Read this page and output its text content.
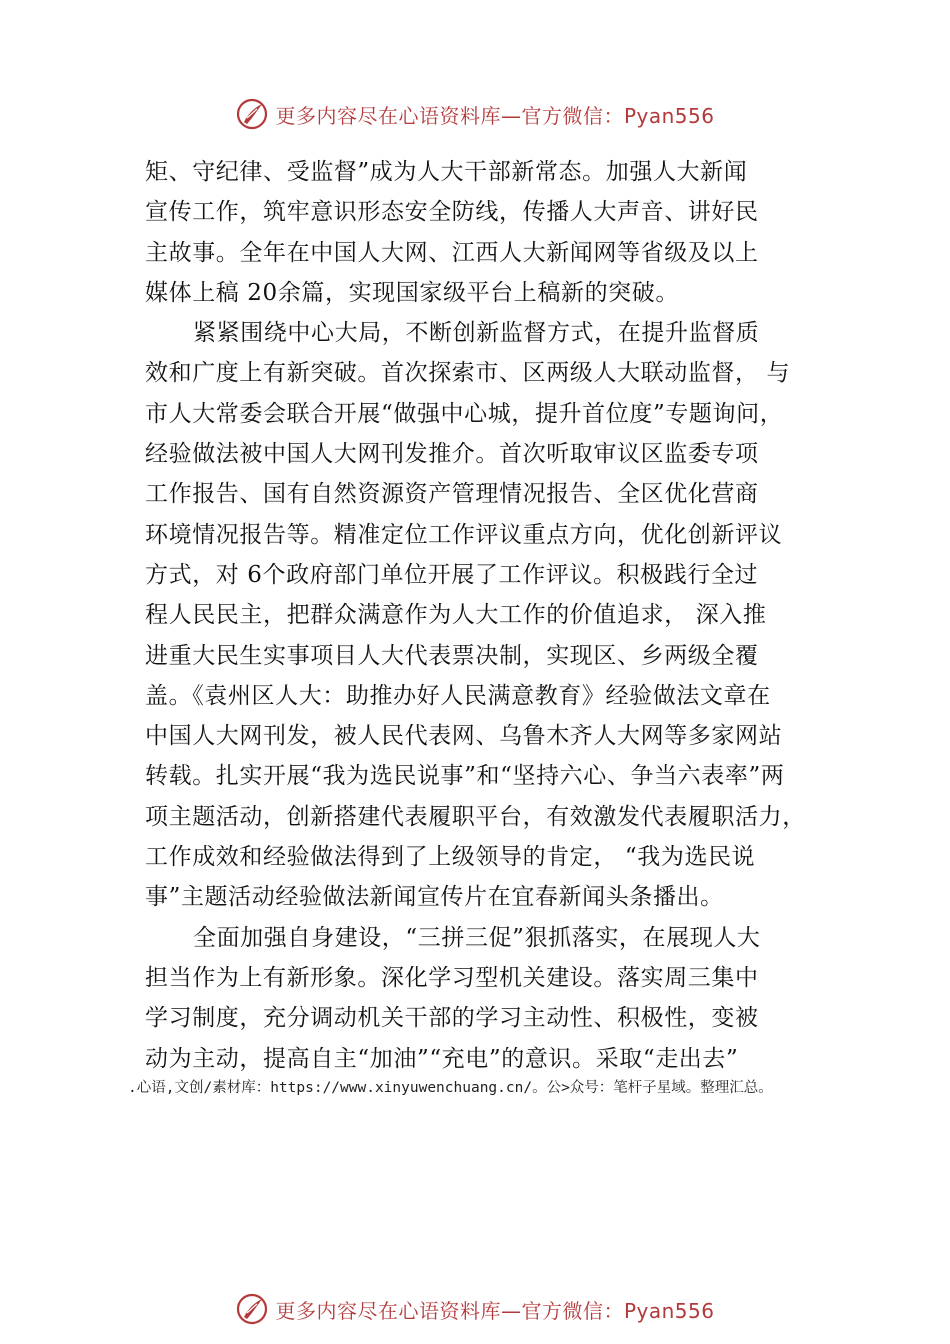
更多内容尽在心语资料库—官方微信：Pyan556
矩、守纪律、受监督”成为人大干部新常态。加强人大新闻
宣传工作，筑牢意识形态安全防线，传播人大声音、讲好民
主故事。全年在中国人大网、江西人大新闻网等省级及以上
媒体上稿 20余篇，实现国家级平台上稿新的突破。
紧紧围绕中心大局，不断创新监督方式，在提升监督质
效和广度上有新突破。首次探索市、区两级人大联动监督， 与
市人大常委会联合开展“做强中心城，提升首位度”专题询问，
经验做法被中国人大网刊发推介。首次听取审议区监委专项
工作报告、国有自然资源资产管理情况报告、全区优化营商
环境情况报告等。精准定位工作评议重点方向，优化创新评议
方式，对 6个政府部门单位开展了工作评议。积极践行全过
程人民民主，把群众满意作为人大工作的价值追求， 深入推
进重大民生实事项目人大代表票决制，实现区、乡两级全覆
盖。《袁州区人大：助推办好人民满意教育》经验做法文章在
中国人大网刊发，被人民代表网、乌鲁木齐人大网等多家网站
转载。扎实开展“我为选民说事”和“坚持六心、争当六表率”两
项主题活动，创新搭建代表履职平台，有效激发代表履职活力，
工作成效和经验做法得到了上级领导的肯定， “我为选民说
事”主题活动经验做法新闻宣传片在宜春新闻头条播出。
全面加强自身建设，“三拼三促”狠抓落实，在展现人大
担当作为上有新形象。深化学习型机关建设。落实周三集中
学习制度，充分调动机关干部的学习主动性、积极性，变被
动为主动，提高自主“加油”“充电”的意识。采取“走出去”
.心语,文创/素材库：https://www.xinyuwenchuang.cn/。公>众号：笔杆子星域。整理汇总。
更多内容尽在心语资料库—官方微信：Pyan556
